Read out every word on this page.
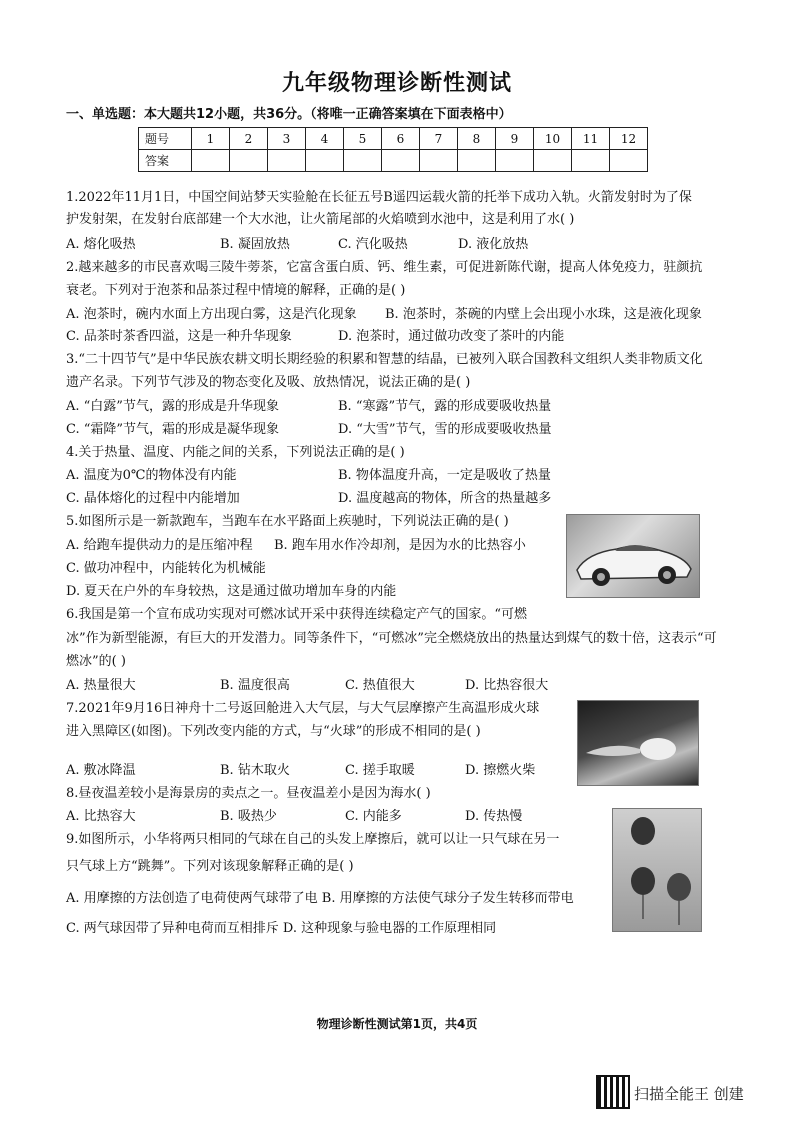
九年级物理诊断性测试
一、单选题：本大题共12小题，共36分。（将唯一正确答案填在下面表格中）
题号	1	2	3	4	5	6	7	8	9	10	11	12
答案												
1.2022年11月1日，中国空间站梦天实验舱在长征五号B遥四运载火箭的托举下成功入轨。火箭发射时为了保
护发射架，在发射台底部建一个大水池，让火箭尾部的火焰喷到水池中，这是利用了水( )
A. 熔化吸热	B. 凝固放热	C. 汽化吸热	D. 液化放热
2.越来越多的市民喜欢喝三陵牛蒡茶，它富含蛋白质、钙、维生素，可促进新陈代谢，提高人体免疫力，驻颜抗
衰老。下列对于泡茶和品茶过程中情境的解释，正确的是( )
A. 泡茶时，碗内水面上方出现白雾，这是汽化现象 B. 泡茶时，茶碗的内壁上会出现小水珠，这是液化现象
C. 品茶时茶香四溢，这是一种升华现象	D. 泡茶时，通过做功改变了茶叶的内能
3.“二十四节气”是中华民族农耕文明长期经验的积累和智慧的结晶，已被列入联合国教科文组织人类非物质文化
遗产名录。下列节气涉及的物态变化及吸、放热情况，说法正确的是( )
A. “白露”节气，露的形成是升华现象	B. “寒露”节气，露的形成要吸收热量
C. “霜降”节气，霜的形成是凝华现象	D. “大雪”节气，雪的形成要吸收热量
4.关于热量、温度、内能之间的关系，下列说法正确的是( )
A. 温度为0℃的物体没有内能	B. 物体温度升高，一定是吸收了热量
C. 晶体熔化的过程中内能增加	D. 温度越高的物体，所含的热量越多
5.如图所示是一新款跑车，当跑车在水平路面上疾驰时，下列说法正确的是( )
A. 给跑车提供动力的是压缩冲程 B. 跑车用水作冷却剂，是因为水的比热容小
C. 做功冲程中，内能转化为机械能
D. 夏天在户外的车身较热，这是通过做功增加车身的内能
6.我国是第一个宣布成功实现对可燃冰试开采中获得连续稳定产气的国家。“可燃
冰”作为新型能源，有巨大的开发潜力。同等条件下，“可燃冰”完全燃烧放出的热量达到煤气的数十倍，这表示“可
燃冰”的( )
A. 热量很大	B. 温度很高	C. 热值很大	D. 比热容很大
7.2021年9月16日神舟十二号返回舱进入大气层，与大气层摩擦产生高温形成火球
进入黑障区(如图)。下列改变内能的方式，与“火球”的形成不相同的是( )
A. 敷冰降温	B. 钻木取火	C. 搓手取暖	D. 擦燃火柴
8.昼夜温差较小是海景房的卖点之一。昼夜温差小是因为海水( )
A. 比热容大	B. 吸热少	C. 内能多	D. 传热慢
9.如图所示，小华将两只相同的气球在自己的头发上摩擦后，就可以让一只气球在另一
只气球上方“跳舞”。下列对该现象解释正确的是( )
A. 用摩擦的方法创造了电荷使两气球带了电 B. 用摩擦的方法使气球分子发生转移而带电
C. 两气球因带了异种电荷而互相排斥 D. 这种现象与验电器的工作原理相同
物理诊断性测试第1页，共4页
扫描全能王 创建
